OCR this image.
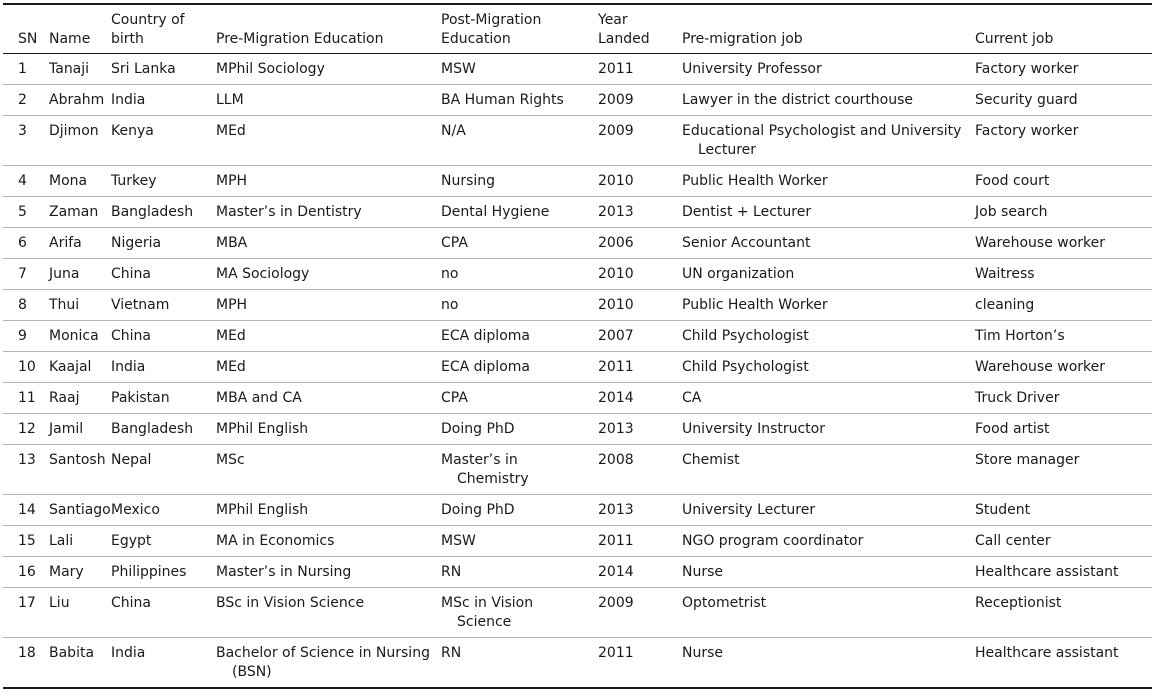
SN	Name	Country of birth	Pre-Migration Education	Post-Migration Education	Year Landed	Pre-migration job	Current job
1	Tanaji	Sri Lanka	MPhil Sociology	MSW	2011	University Professor	Factory worker
2	Abrahm	India	LLM	BA Human Rights	2009	Lawyer in the district courthouse	Security guard
3	Djimon	Kenya	MEd	N/A	2009	Educational Psychologist and University Lecturer	Factory worker
4	Mona	Turkey	MPH	Nursing	2010	Public Health Worker	Food court
5	Zaman	Bangladesh	Master’s in Dentistry	Dental Hygiene	2013	Dentist + Lecturer	Job search
6	Arifa	Nigeria	MBA	CPA	2006	Senior Accountant	Warehouse worker
7	Juna	China	MA Sociology	no	2010	UN organization	Waitress
8	Thui	Vietnam	MPH	no	2010	Public Health Worker	cleaning
9	Monica	China	MEd	ECA diploma	2007	Child Psychologist	Tim Horton’s
10	Kaajal	India	MEd	ECA diploma	2011	Child Psychologist	Warehouse worker
11	Raaj	Pakistan	MBA and CA	CPA	2014	CA	Truck Driver
12	Jamil	Bangladesh	MPhil English	Doing PhD	2013	University Instructor	Food artist
13	Santosh	Nepal	MSc	Master’s in Chemistry	2008	Chemist	Store manager
14	Santiago	Mexico	MPhil English	Doing PhD	2013	University Lecturer	Student
15	Lali	Egypt	MA in Economics	MSW	2011	NGO program coordinator	Call center
16	Mary	Philippines	Master’s in Nursing	RN	2014	Nurse	Healthcare assistant
17	Liu	China	BSc in Vision Science	MSc in Vision Science	2009	Optometrist	Receptionist
18	Babita	India	Bachelor of Science in Nursing (BSN)	RN	2011	Nurse	Healthcare assistant
